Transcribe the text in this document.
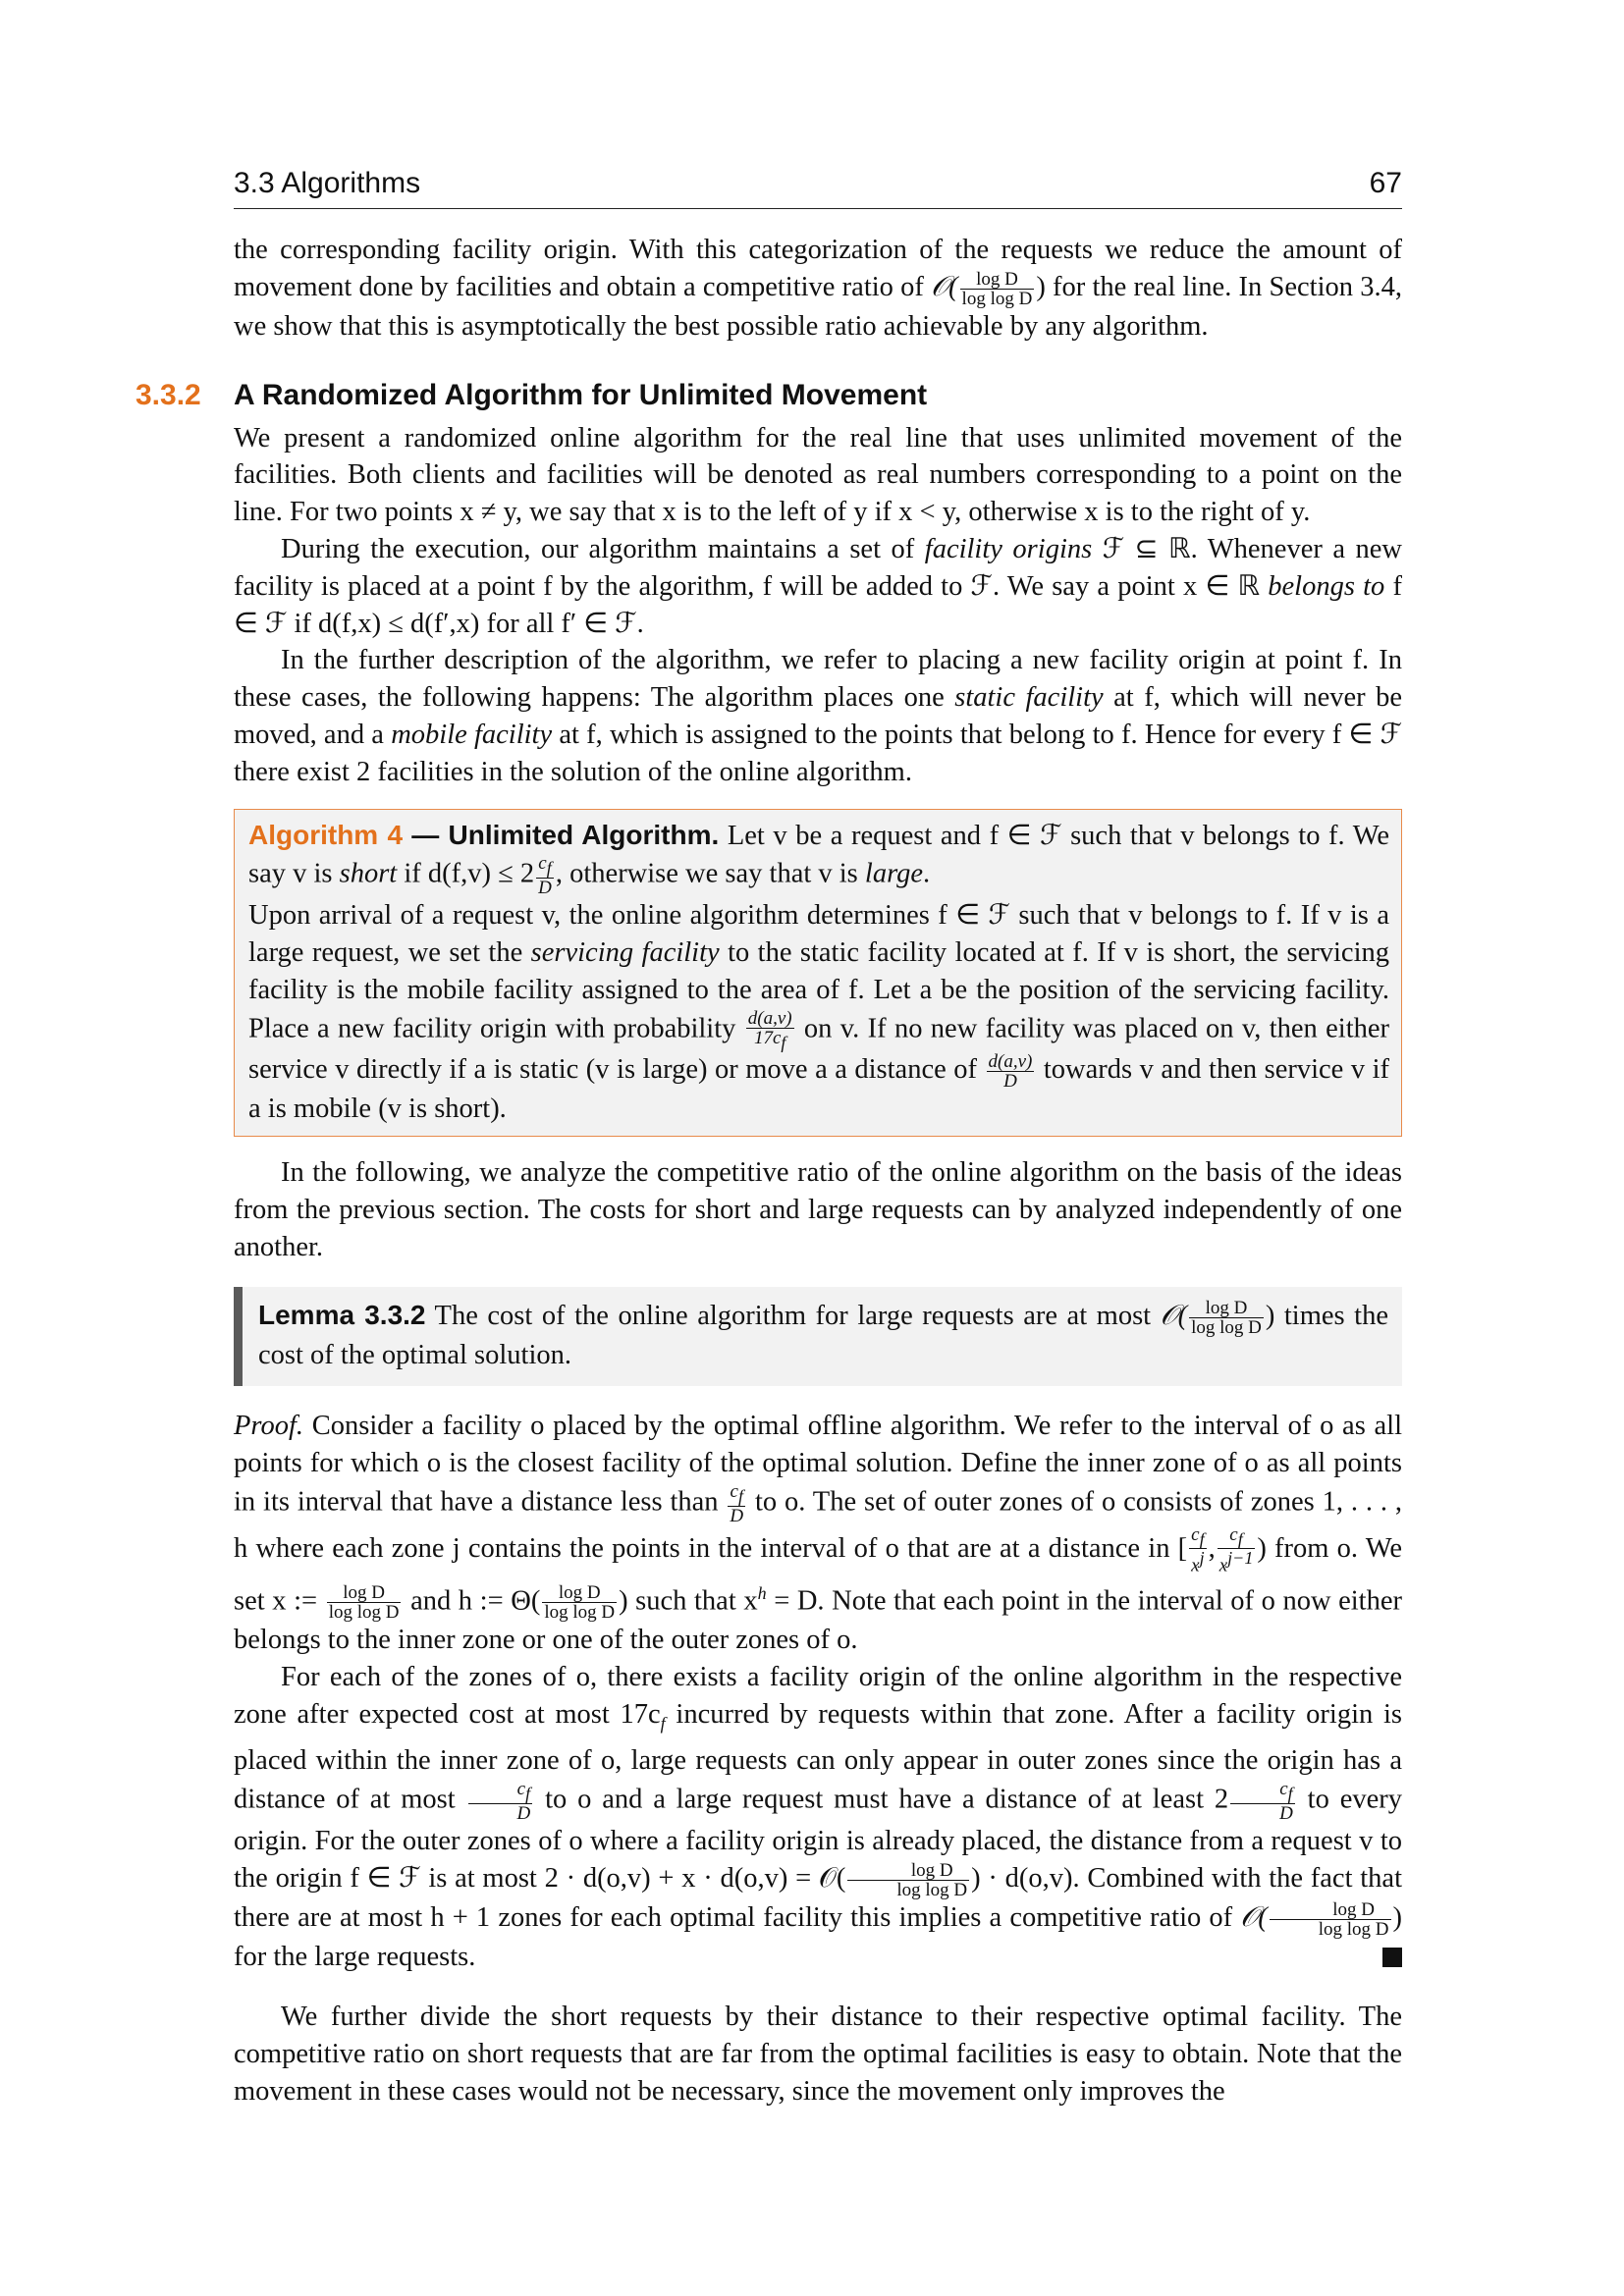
3.3 Algorithms	67

the corresponding facility origin. With this categorization of the requests we reduce the amount of movement done by facilities and obtain a competitive ratio of 𝒪( $\frac{\text{log D}}{\text{log log D}}$ ) for the real line. In Section 3.4, we show that this is asymptotically the best possible ratio achievable by any algorithm.

3.3.2 A Randomized Algorithm for Unlimited Movement

We present a randomized online algorithm for the real line that uses unlimited movement of the facilities. Both clients and facilities will be denoted as real numbers corresponding to a point on the line. For two points x ≠ y, we say that x is to the left of y if x < y, otherwise x is to the right of y.

During the execution, our algorithm maintains a set of facility origins ℱ ⊆ ℝ. Whenever a new facility is placed at a point f by the algorithm, f will be added to ℱ. We say a point x ∈ ℝ belongs to f ∈ ℱ if d(f,x) ≤ d(f′,x) for all f′ ∈ ℱ.

In the further description of the algorithm, we refer to placing a new facility origin at point f. In these cases, the following happens: The algorithm places one static facility at f, which will never be moved, and a mobile facility at f, which is assigned to the points that belong to f. Hence for every f ∈ ℱ there exist 2 facilities in the solution of the online algorithm.

Algorithm 4 — Unlimited Algorithm. Let v be a request and f ∈ ℱ such that v belongs to f. We say v is short if $d(f,v) \le 2 \frac{c_f}{D}$ , otherwise we say that v is large.

Upon arrival of a request v, the online algorithm determines f ∈ ℱ such that v belongs to f. If v is a large request, we set the servicing facility to the static facility located at f. If v is short, the servicing facility is the mobile facility assigned to the area of f. Let a be the position of the servicing facility. Place a new facility origin with probability $\frac{d(a,v)}{17c_f}$ on v. If no new facility was placed on v, then either service v directly if a is static (v is large) or move a a distance of $\frac{d(a,v)}{D}$ towards v and then service v if a is mobile (v is short).

In the following, we analyze the competitive ratio of the online algorithm on the basis of the ideas from the previous section. The costs for short and large requests can by analyzed independently of one another.

Lemma 3.3.2 The cost of the online algorithm for large requests are at most 𝒪( $\frac{\text{log D}}{\text{log log D}}$ ) times the cost of the optimal solution.

Proof. Consider a facility o placed by the optimal offline algorithm. We refer to the interval of o as all points for which o is the closest facility of the optimal solution. Define the inner zone of o as all points in its interval that have a distance less than $\frac{c_f}{D}$ to o. The set of outer zones of o consists of zones 1, . . . , h where each zone j contains the points in the interval of o that are at a distance in [ $\frac{c_f}{x^j}$ , $\frac{c_f}{x^{j-1}}$ ) from o. We set x := $\frac{\text{log D}}{\text{log log D}}$ and h := $\Theta( \frac{\text{log D}}{\text{log log D}}$ ) such that $x^h = D$. Note that each point in the interval of o now either belongs to the inner zone or one of the outer zones of o.

For each of the zones of o, there exists a facility origin of the online algorithm in the respective zone after expected cost at most $17c_f$ incurred by requests within that zone. After a facility origin is placed within the inner zone of o, large requests can only appear in outer zones since the origin has a distance of at most $\frac{c_f}{D}$ to o and a large request must have a distance of at least $2 \frac{c_f}{D}$ to every origin. For the outer zones of o where a facility origin is already placed, the distance from a request v to the origin f ∈ ℱ is at most 2 · d(o,v) + x · d(o,v) = 𝒪( $\frac{\text{log D}}{\text{log log D}}$ ) · d(o,v). Combined with the fact that there are at most h + 1 zones for each optimal facility this implies a competitive ratio of 𝒪( $\frac{\text{log D}}{\text{log log D}}$ ) for the large requests.

We further divide the short requests by their distance to their respective optimal facility. The competitive ratio on short requests that are far from the optimal facilities is easy to obtain. Note that the movement in these cases would not be necessary, since the movement only improves the
